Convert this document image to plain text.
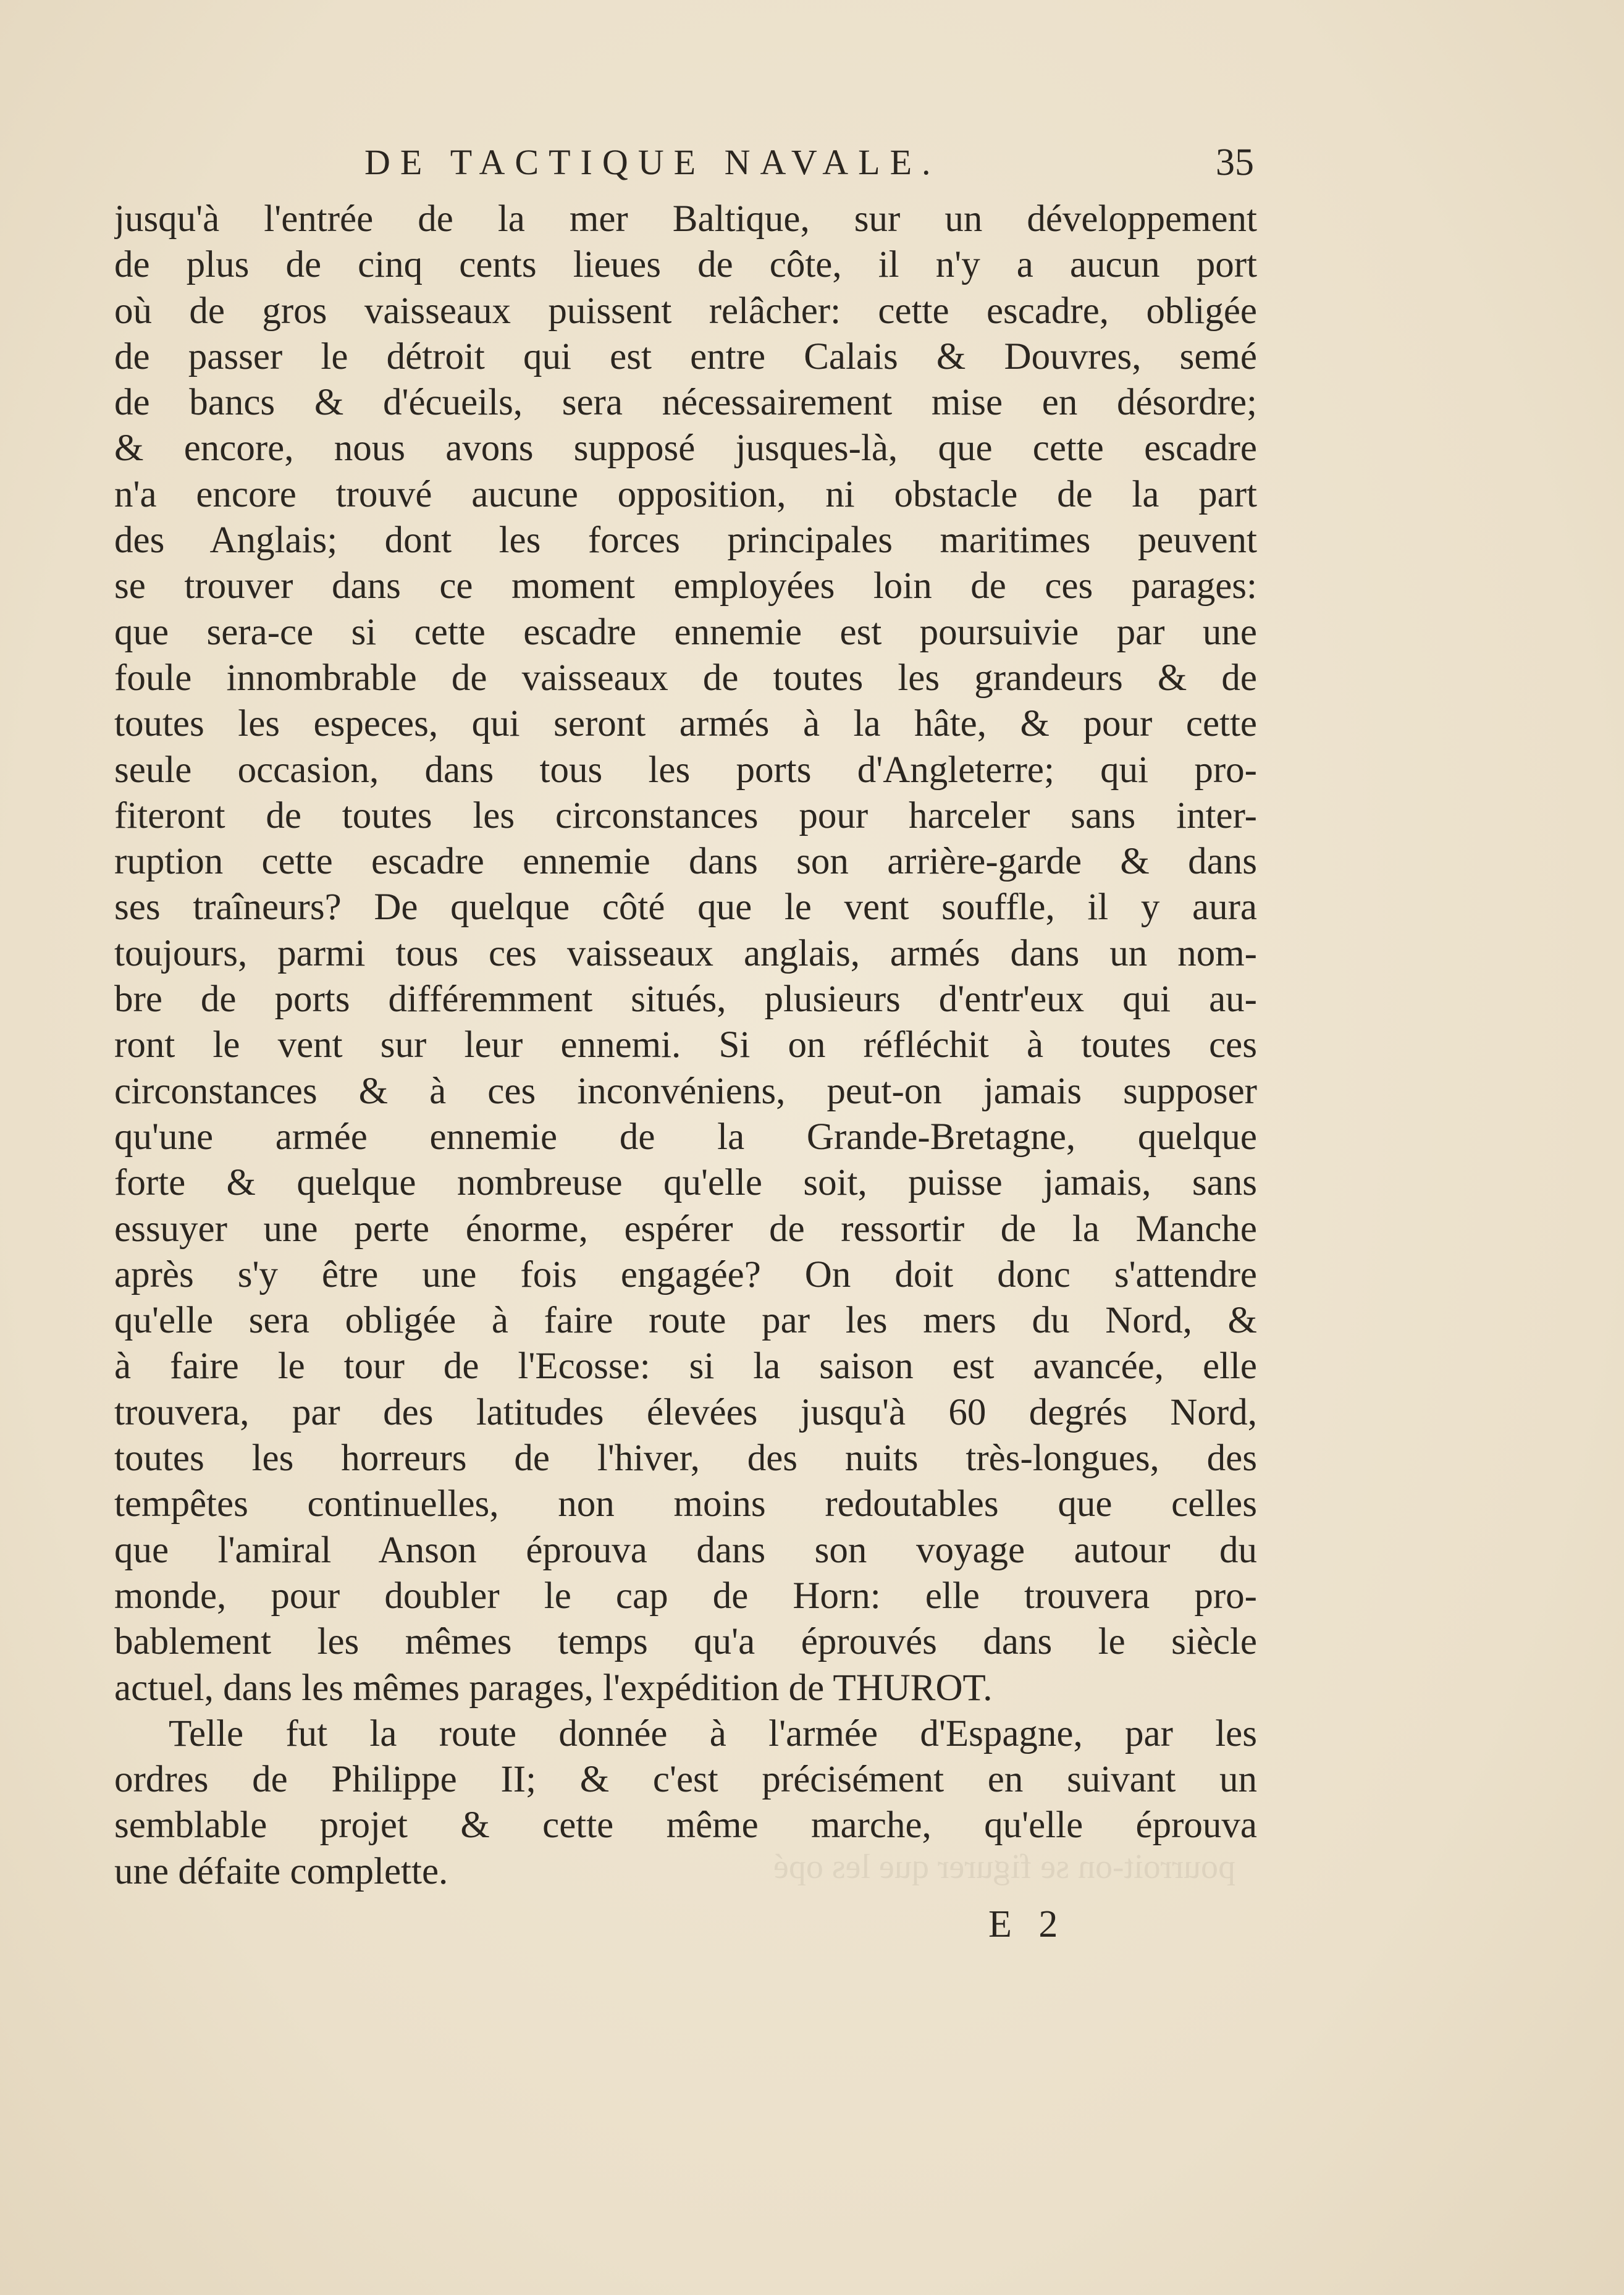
DE TACTIQUE NAVALE.	35
jusqu'à l'entrée de la mer Baltique, sur un développement
de plus de cinq cents lieues de côte, il n'y a aucun port
où de gros vaisseaux puissent relâcher: cette escadre, obligée
de passer le détroit qui est entre Calais & Douvres, semé
de bancs & d'écueils, sera nécessairement mise en désordre;
& encore, nous avons supposé jusques-là, que cette escadre
n'a encore trouvé aucune opposition, ni obstacle de la part
des Anglais; dont les forces principales maritimes peuvent
se trouver dans ce moment employées loin de ces parages:
que sera-ce si cette escadre ennemie est poursuivie par une
foule innombrable de vaisseaux de toutes les grandeurs & de
toutes les especes, qui seront armés à la hâte, & pour cette
seule occasion, dans tous les ports d'Angleterre; qui pro-
fiteront de toutes les circonstances pour harceler sans inter-
ruption cette escadre ennemie dans son arrière-garde & dans
ses traîneurs? De quelque côté que le vent souffle, il y aura
toujours, parmi tous ces vaisseaux anglais, armés dans un nom-
bre de ports différemment situés, plusieurs d'entr'eux qui au-
ront le vent sur leur ennemi. Si on réfléchit à toutes ces
circonstances & à ces inconvéniens, peut-on jamais supposer
qu'une armée ennemie de la Grande-Bretagne, quelque
forte & quelque nombreuse qu'elle soit, puisse jamais, sans
essuyer une perte énorme, espérer de ressortir de la Manche
après s'y être une fois engagée? On doit donc s'attendre
qu'elle sera obligée à faire route par les mers du Nord, &
à faire le tour de l'Ecosse: si la saison est avancée, elle
trouvera, par des latitudes élevées jusqu'à 60 degrés Nord,
toutes les horreurs de l'hiver, des nuits très-longues, des
tempêtes continuelles, non moins redoutables que celles
que l'amiral Anson éprouva dans son voyage autour du
monde, pour doubler le cap de Horn: elle trouvera pro-
bablement les mêmes temps qu'a éprouvés dans le siècle
actuel, dans les mêmes parages, l'expédition de THUROT.
Telle fut la route donnée à l'armée d'Espagne, par les
ordres de Philippe II; & c'est précisément en suivant un
semblable projet & cette même marche, qu'elle éprouva
une défaite complette.	pourroit-on se figurer que les opé
E 2
